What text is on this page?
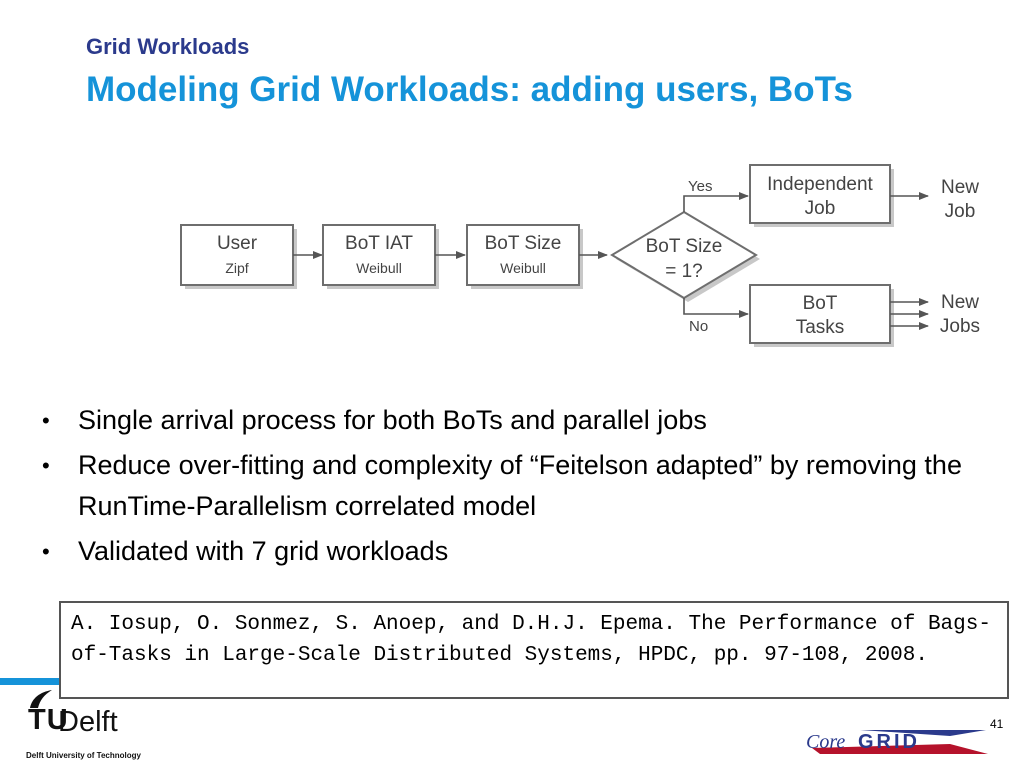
Grid Workloads
Modeling Grid Workloads: adding users, BoTs
User
Zipf
BoT IAT
Weibull
BoT Size
Weibull
BoT Size
= 1?
Yes
No
Independent
Job
New
Job
BoT
Tasks
New
Jobs
• Single arrival process for both BoTs and parallel jobs
• Reduce over-fitting and complexity of “Feitelson adapted” by removing the RunTime-Parallelism correlated model
• Validated with 7 grid workloads
A. Iosup, O. Sonmez, S. Anoep, and D.H.J. Epema. The Performance of Bags-of-Tasks in Large-Scale Distributed Systems, HPDC, pp. 97-108, 2008.
TU
Delft
Delft University of Technology
41
Core GRID
